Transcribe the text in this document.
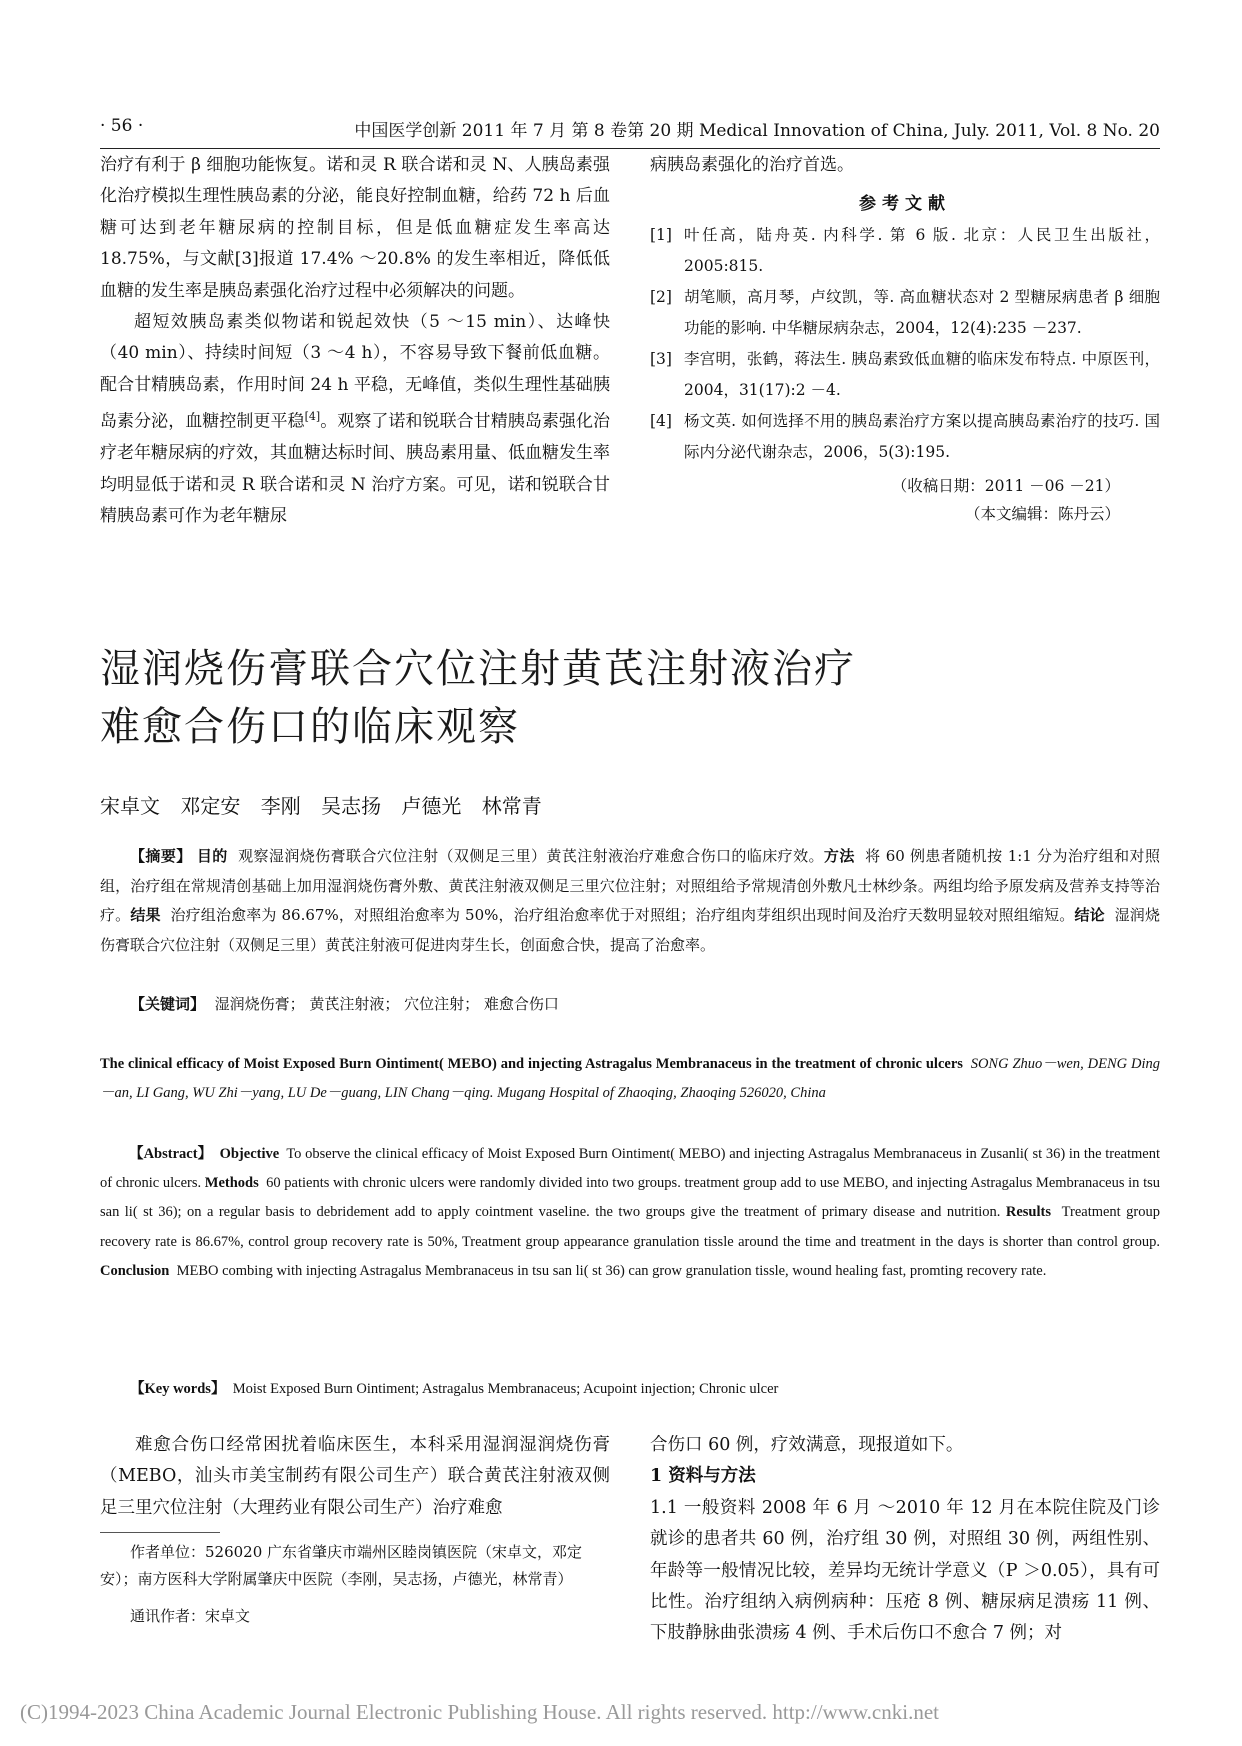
· 56 ·	中国医学创新 2011 年 7 月 第 8 卷第 20 期 Medical Innovation of China, July. 2011, Vol. 8 No. 20

治疗有利于 β 细胞功能恢复。诺和灵 R 联合诺和灵 N、人胰岛素强化治疗模拟生理性胰岛素的分泌，能良好控制血糖，给药 72 h 后血糖可达到老年糖尿病的控制目标，但是低血糖症发生率高达 18.75%，与文献[3]报道 17.4% ～20.8% 的发生率相近，降低低血糖的发生率是胰岛素强化治疗过程中必须解决的问题。

超短效胰岛素类似物诺和锐起效快（5 ～15 min）、达峰快（40 min）、持续时间短（3 ～4 h），不容易导致下餐前低血糖。配合甘精胰岛素，作用时间 24 h 平稳，无峰值，类似生理性基础胰岛素分泌，血糖控制更平稳[4]。观察了诺和锐联合甘精胰岛素强化治疗老年糖尿病的疗效，其血糖达标时间、胰岛素用量、低血糖发生率均明显低于诺和灵 R 联合诺和灵 N 治疗方案。可见，诺和锐联合甘精胰岛素可作为老年糖尿

病胰岛素强化的治疗首选。
参考文献
[1] 叶任高，陆舟英. 内科学. 第 6 版. 北京：人民卫生出版社，2005:815.
[2] 胡笔顺，高月琴，卢纹凯，等. 高血糖状态对 2 型糖尿病患者 β 细胞功能的影响. 中华糖尿病杂志，2004，12(4):235 －237.
[3] 李宫明，张鹤，蒋法生. 胰岛素致低血糖的临床发布特点. 中原医刊，2004，31(17):2 －4.
[4] 杨文英. 如何选择不用的胰岛素治疗方案以提高胰岛素治疗的技巧. 国际内分泌代谢杂志，2006，5(3):195.
（收稿日期：2011 －06 －21）
（本文编辑：陈丹云）
湿润烧伤膏联合穴位注射黄芪注射液治疗
难愈合伤口的临床观察
宋卓文 邓定安 李刚 吴志扬 卢德光 林常青
【摘要】 目的 观察湿润烧伤膏联合穴位注射（双侧足三里）黄芪注射液治疗难愈合伤口的临床疗效。方法 将 60 例患者随机按 1:1 分为治疗组和对照组，治疗组在常规清创基础上加用湿润烧伤膏外敷、黄芪注射液双侧足三里穴位注射；对照组给予常规清创外敷凡士林纱条。两组均给予原发病及营养支持等治疗。结果 治疗组治愈率为 86.67%，对照组治愈率为 50%，治疗组治愈率优于对照组；治疗组肉芽组织出现时间及治疗天数明显较对照组缩短。结论 湿润烧伤膏联合穴位注射（双侧足三里）黄芪注射液可促进肉芽生长，创面愈合快，提高了治愈率。
【关键词】 湿润烧伤膏； 黄芪注射液； 穴位注射； 难愈合伤口
The clinical efficacy of Moist Exposed Burn Ointiment( MEBO) and injecting Astragalus Membranaceus in the treatment of chronic ulcers SONG Zhuo－wen, DENG Ding－an, LI Gang, WU Zhi－yang, LU De－guang, LIN Chang－qing. Mugang Hospital of Zhaoqing, Zhaoqing 526020, China
【Abstract】 Objective To observe the clinical efficacy of Moist Exposed Burn Ointiment( MEBO) and injecting Astragalus Membranaceus in Zusanli( st 36) in the treatment of chronic ulcers. Methods 60 patients with chronic ulcers were randomly divided into two groups. treatment group add to use MEBO, and injecting Astragalus Membranaceus in tsu san li( st 36); on a regular basis to debridement add to apply cointment vaseline. the two groups give the treatment of primary disease and nutrition. Results Treatment group recovery rate is 86.67%, control group recovery rate is 50%, Treatment group appearance granulation tissle around the time and treatment in the days is shorter than control group. Conclusion MEBO combing with injecting Astragalus Membranaceus in tsu san li( st 36) can grow granulation tissle, wound healing fast, promting recovery rate.
【Key words】 Moist Exposed Burn Ointiment; Astragalus Membranaceus; Acupoint injection; Chronic ulcer
难愈合伤口经常困扰着临床医生，本科采用湿润湿润烧伤膏（MEBO，汕头市美宝制药有限公司生产）联合黄芪注射液双侧足三里穴位注射（大理药业有限公司生产）治疗难愈
作者单位：526020 广东省肇庆市端州区睦岗镇医院（宋卓文，邓定安）；南方医科大学附属肇庆中医院（李刚，吴志扬，卢德光，林常青）
通讯作者：宋卓文
合伤口 60 例，疗效满意，现报道如下。
1 资料与方法
1.1 一般资料 2008 年 6 月 ～2010 年 12 月在本院住院及门诊就诊的患者共 60 例，治疗组 30 例，对照组 30 例，两组性别、年龄等一般情况比较，差异均无统计学意义（P ＞0.05），具有可比性。治疗组纳入病例病种：压疮 8 例、糖尿病足溃疡 11 例、下肢静脉曲张溃疡 4 例、手术后伤口不愈合 7 例；对
(C)1994-2023 China Academic Journal Electronic Publishing House. All rights reserved. http://www.cnki.net
